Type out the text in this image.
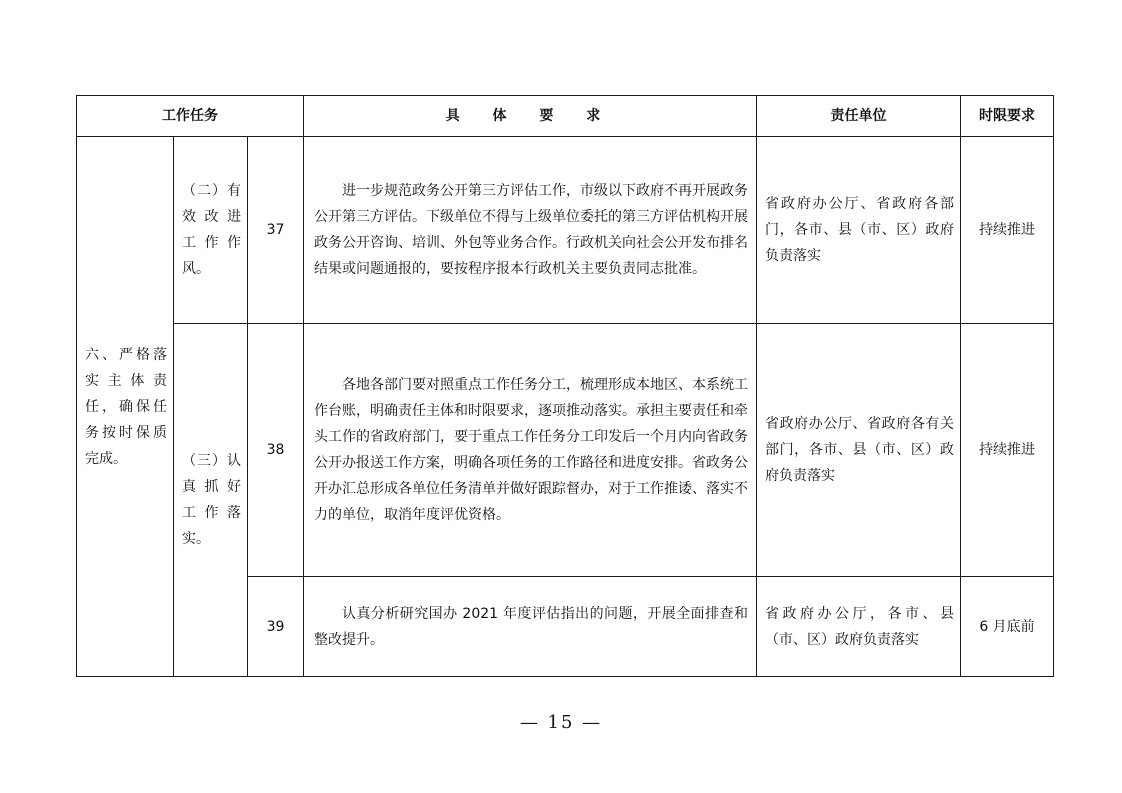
工作任务			具 体 要 求	责任单位	时限要求
六、严格落实主体责任，确保任务按时保质完成。	（二）有
效改进
工作作
风。	37	进一步规范政务公开第三方评估工作，市级以下政府不再开展政务公开第三方评估。下级单位不得与上级单位委托的第三方评估机构开展政务公开咨询、培训、外包等业务合作。行政机关向社会公开发布排名结果或问题通报的，要按程序报本行政机关主要负责同志批准。	省政府办公厅、省政府各部门，各市、县（市、区）政府负责落实	持续推进

	（三）认
真抓好
工作落
实。	38	各地各部门要对照重点工作任务分工，梳理形成本地区、本系统工作台账，明确责任主体和时限要求，逐项推动落实。承担主要责任和牵头工作的省政府部门，要于重点工作任务分工印发后一个月内向省政务公开办报送工作方案，明确各项任务的工作路径和进度安排。省政务公开办汇总形成各单位任务清单并做好跟踪督办，对于工作推诿、落实不力的单位，取消年度评优资格。	省政府办公厅、省政府各有关部门，各市、县（市、区）政府负责落实	持续推进
		39	认真分析研究国办 2021 年度评估指出的问题，开展全面排查和整改提升。	省政府办公厅，各市、县（市、区）政府负责落实	6 月底前
— 15 —
